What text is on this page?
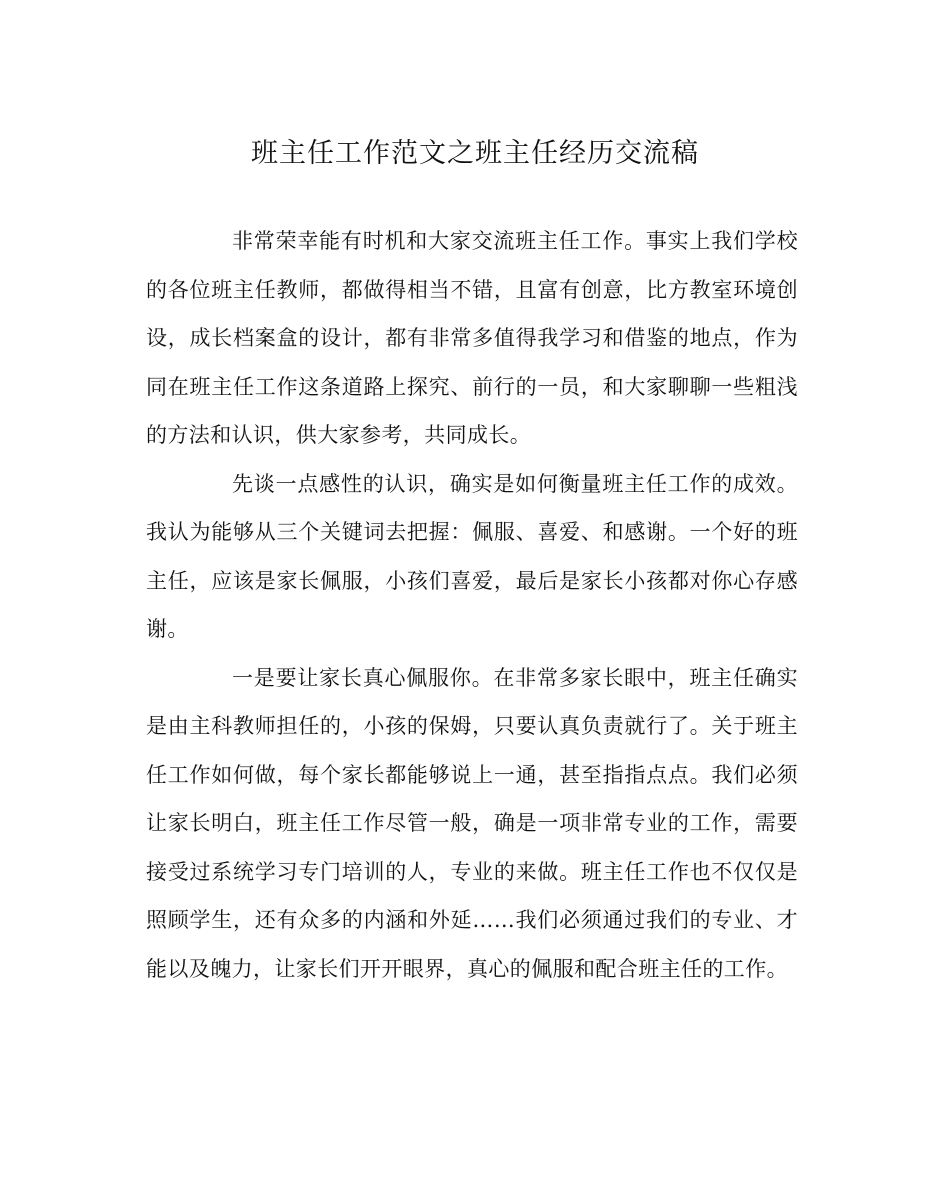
班主任工作范文之班主任经历交流稿

非常荣幸能有时机和大家交流班主任工作。事实上我们学校的各位班主任教师，都做得相当不错，且富有创意，比方教室环境创设，成长档案盒的设计，都有非常多值得我学习和借鉴的地点，作为同在班主任工作这条道路上探究、前行的一员，和大家聊聊一些粗浅的方法和认识，供大家参考，共同成长。

先谈一点感性的认识，确实是如何衡量班主任工作的成效。我认为能够从三个关键词去把握：佩服、喜爱、和感谢。一个好的班主任，应该是家长佩服，小孩们喜爱，最后是家长小孩都对你心存感谢。

一是要让家长真心佩服你。在非常多家长眼中，班主任确实是由主科教师担任的，小孩的保姆，只要认真负责就行了。关于班主任工作如何做，每个家长都能够说上一通，甚至指指点点。我们必须让家长明白，班主任工作尽管一般，确是一项非常专业的工作，需要接受过系统学习专门培训的人，专业的来做。班主任工作也不仅仅是照顾学生，还有众多的内涵和外延……我们必须通过我们的专业、才能以及魄力，让家长们开开眼界，真心的佩服和配合班主任的工作。
